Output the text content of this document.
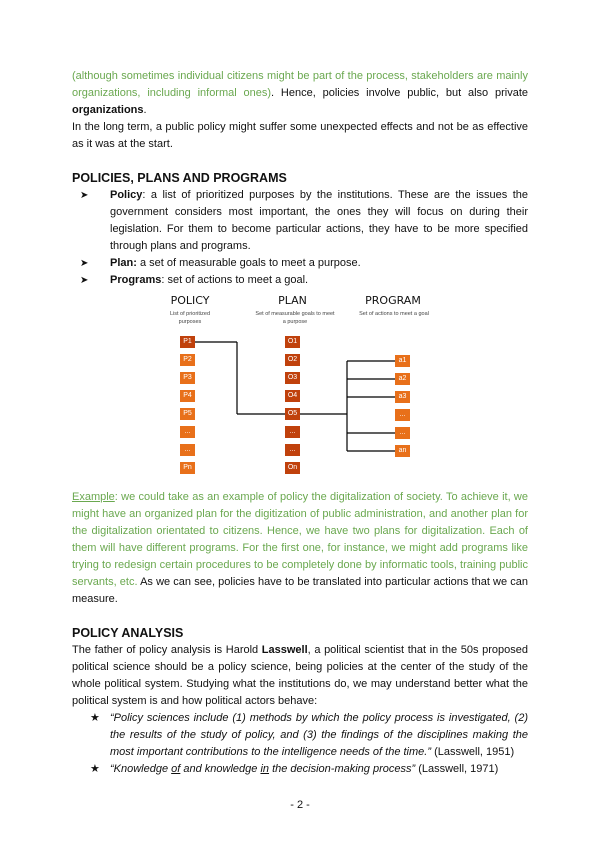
(although sometimes individual citizens might be part of the process, stakeholders are mainly organizations, including informal ones). Hence, policies involve public, but also private organizations.

In the long term, a public policy might suffer some unexpected effects and not be as effective as it was at the start.

POLICIES, PLANS AND PROGRAMS
➤ Policy: a list of prioritized purposes by the institutions. These are the issues the government considers most important, the ones they will focus on during their legislation. For them to become particular actions, they have to be more specified through plans and programs.
➤ Plan: a set of measurable goals to meet a purpose.
➤ Programs: set of actions to meet a goal.

Example: we could take as an example of policy the digitalization of society. To achieve it, we might have an organized plan for the digitization of public administration, and another plan for the digitalization orientated to citizens. Hence, we have two plans for digitalization. Each of them will have different programs. For the first one, for instance, we might add programs like trying to redesign certain procedures to be completely done by informatic tools, training public servants, etc. As we can see, policies have to be translated into particular actions that we can measure.

POLICY ANALYSIS

The father of policy analysis is Harold Lasswell, a political scientist that in the 50s proposed political science should be a policy science, being policies at the center of the study of the whole political system. Studying what the institutions do, we may understand better what the political system is and how political actors behave:

★ “Policy sciences include (1) methods by which the policy process is investigated, (2) the results of the study of policy, and (3) the findings of the disciplines making the most important contributions to the intelligence needs of the time.” (Lasswell, 1951)
★ “Knowledge of and knowledge in the decision-making process” (Lasswell, 1971)
POLICY
List of prioritized purposes
PLAN
Set of measurable goals to meet a purpose
PROGRAM
Set of actions to meet a goal
P1
P2
P3
P4
P5
...
...
Pn
O1
O2
O3
O4
O5
...
...
On
a1
a2
a3
...
...
an
- 2 -
